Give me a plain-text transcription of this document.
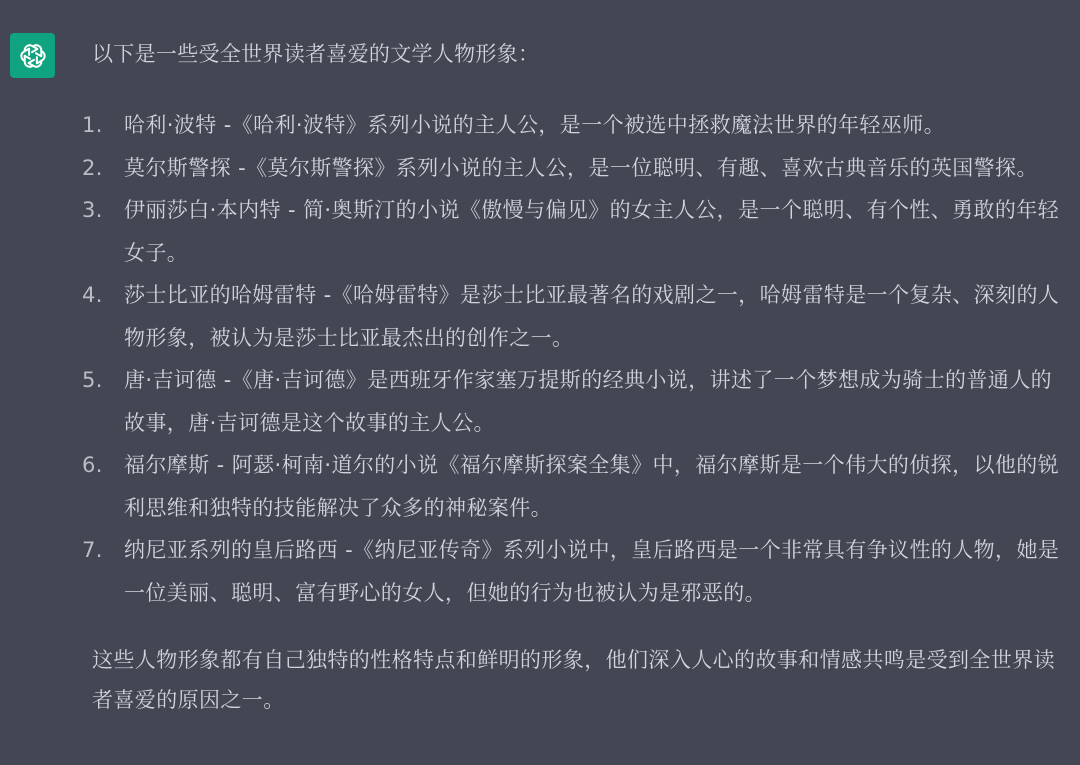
以下是一些受全世界读者喜爱的文学人物形象：

1.	哈利·波特 -《哈利·波特》系列小说的主人公，是一个被选中拯救魔法世界的年轻巫师。
2.	莫尔斯警探 -《莫尔斯警探》系列小说的主人公，是一位聪明、有趣、喜欢古典音乐的英国警探。
3.	伊丽莎白·本内特 - 简·奥斯汀的小说《傲慢与偏见》的女主人公，是一个聪明、有个性、勇敢的年轻女子。
4.	莎士比亚的哈姆雷特 -《哈姆雷特》是莎士比亚最著名的戏剧之一，哈姆雷特是一个复杂、深刻的人物形象，被认为是莎士比亚最杰出的创作之一。
5.	唐·吉诃德 -《唐·吉诃德》是西班牙作家塞万提斯的经典小说，讲述了一个梦想成为骑士的普通人的故事，唐·吉诃德是这个故事的主人公。
6.	福尔摩斯 - 阿瑟·柯南·道尔的小说《福尔摩斯探案全集》中，福尔摩斯是一个伟大的侦探，以他的锐利思维和独特的技能解决了众多的神秘案件。
7.	纳尼亚系列的皇后路西 -《纳尼亚传奇》系列小说中，皇后路西是一个非常具有争议性的人物，她是一位美丽、聪明、富有野心的女人，但她的行为也被认为是邪恶的。

这些人物形象都有自己独特的性格特点和鲜明的形象，他们深入人心的故事和情感共鸣是受到全世界读者喜爱的原因之一。
